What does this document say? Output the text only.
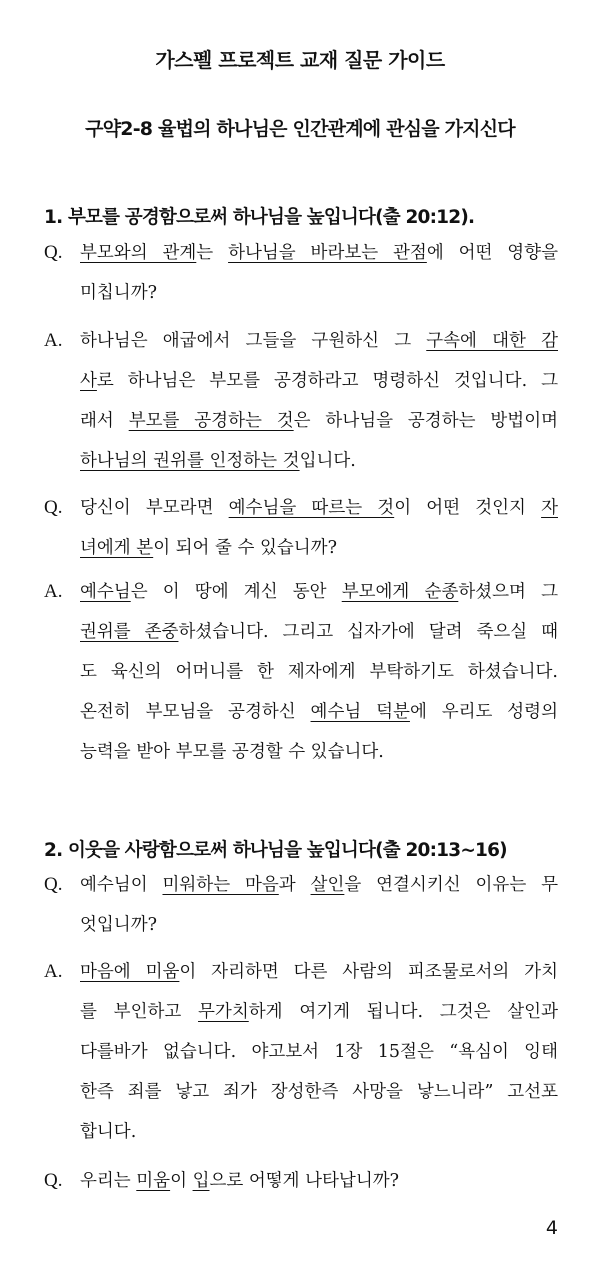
가스펠 프로젝트 교재 질문 가이드
구약2-8 율법의 하나님은 인간관계에 관심을 가지신다
1. 부모를 공경함으로써 하나님을 높입니다(출 20:12).
Q.	부모와의 관계는 하나님을 바라보는 관점에 어떤 영향을
미칩니까?
A.	하나님은 애굽에서 그들을 구원하신 그 구속에 대한 감
사로 하나님은 부모를 공경하라고 명령하신 것입니다. 그
래서 부모를 공경하는 것은 하나님을 공경하는 방법이며
하나님의 권위를 인정하는 것입니다.
Q.	당신이 부모라면 예수님을 따르는 것이 어떤 것인지 자
녀에게 본이 되어 줄 수 있습니까?
A.	예수님은 이 땅에 계신 동안 부모에게 순종하셨으며 그
권위를 존중하셨습니다. 그리고 십자가에 달려 죽으실 때
도 육신의 어머니를 한 제자에게 부탁하기도 하셨습니다.
온전히 부모님을 공경하신 예수님 덕분에 우리도 성령의
능력을 받아 부모를 공경할 수 있습니다.
2. 이웃을 사랑함으로써 하나님을 높입니다(출 20:13~16)
Q.	예수님이 미워하는 마음과 살인을 연결시키신 이유는 무
엇입니까?
A.	마음에 미움이 자리하면 다른 사람의 피조물로서의 가치
를 부인하고 무가치하게 여기게 됩니다. 그것은 살인과
다를바가 없습니다. 야고보서 1장 15절은 “욕심이 잉태
한즉 죄를 낳고 죄가 장성한즉 사망을 낳느니라” 고선포
합니다.
Q.	우리는 미움이 입으로 어떻게 나타납니까?
4
